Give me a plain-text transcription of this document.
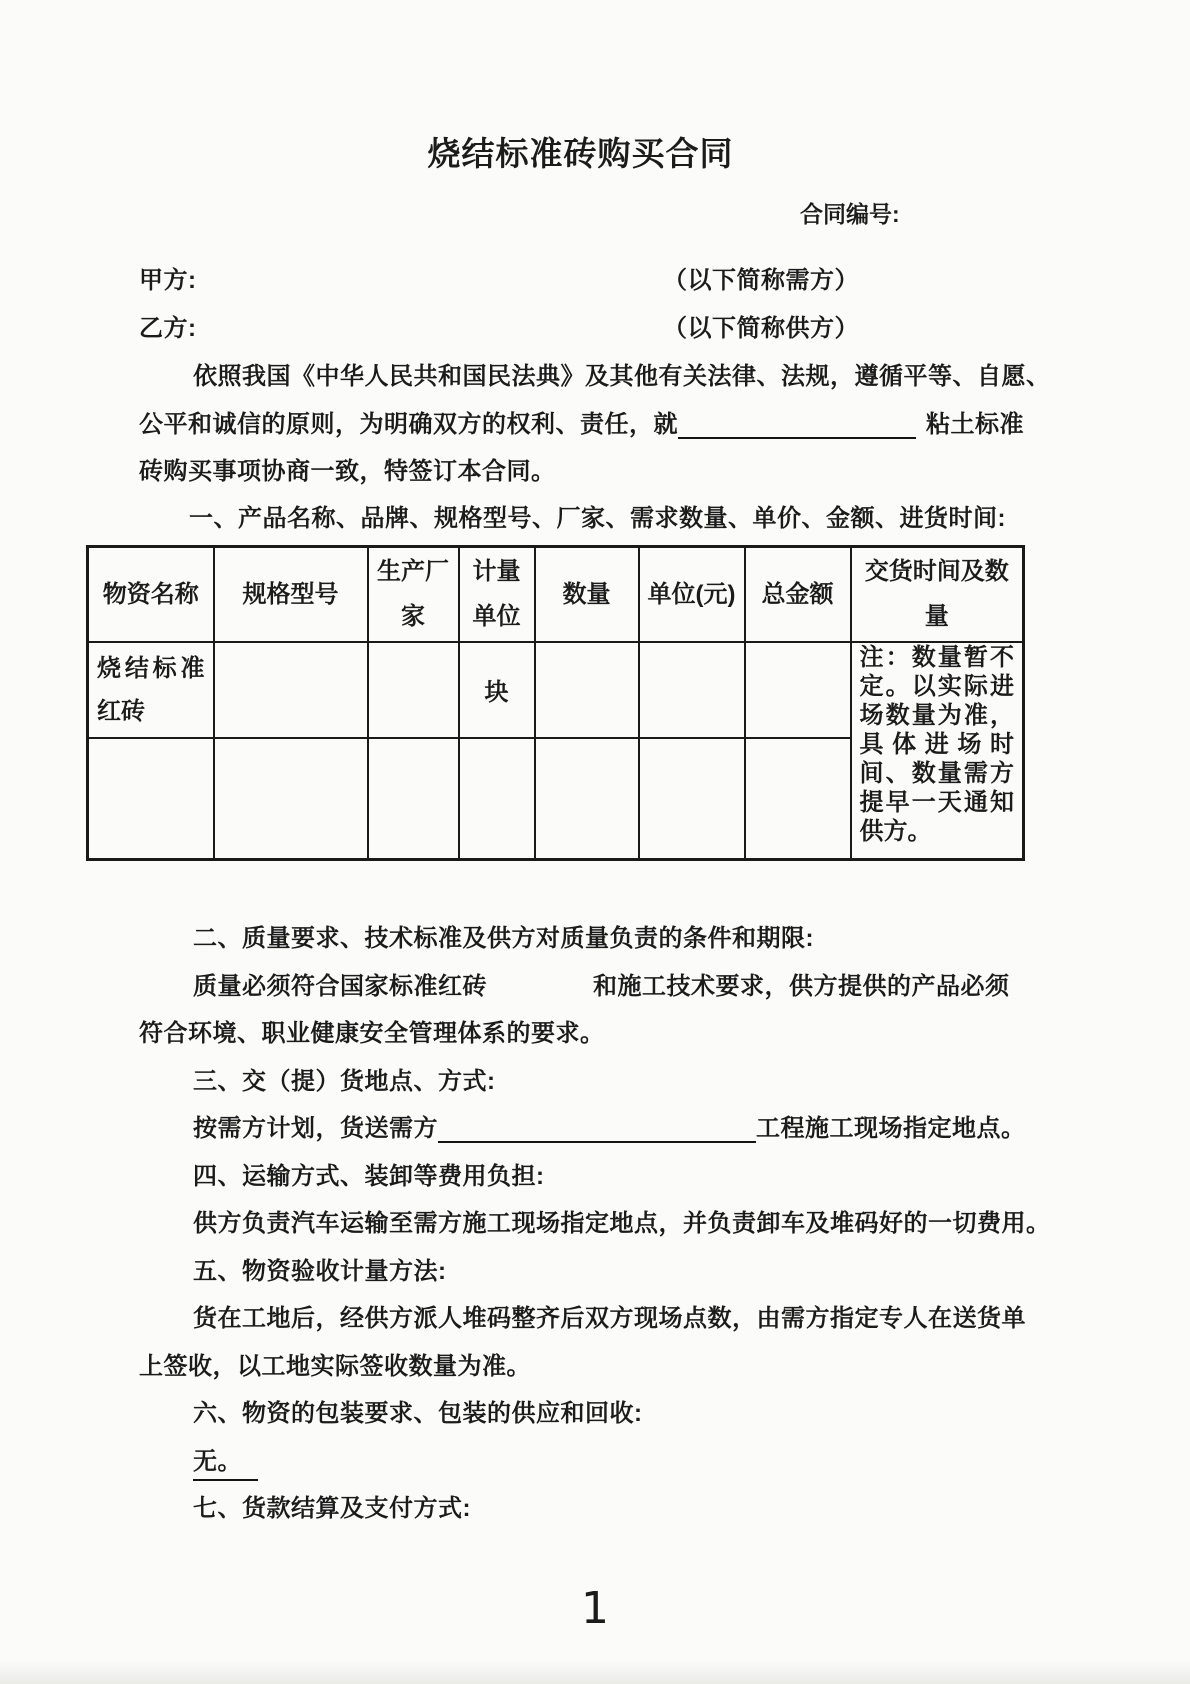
烧结标准砖购买合同
合同编号:
甲方:	（以下简称需方）
乙方:	（以下简称供方）
依照我国《中华人民共和国民法典》及其他有关法律、法规，遵循平等、自愿、
公平和诚信的原则，为明确双方的权利、责任，就	粘土标准
砖购买事项协商一致，特签订本合同。
一、产品名称、品牌、规格型号、厂家、需求数量、单价、金额、进货时间:
物资名称	规格型号	生产厂家	计量单位	数量	单位(元)	总金额	交货时间及数量
烧结标准红砖			块				注：数量暂不定。以实际进场数量为准，具体进场时间、数量需方提早一天通知供方。

二、质量要求、技术标准及供方对质量负责的条件和期限:
质量必须符合国家标准红砖	和施工技术要求，供方提供的产品必须
符合环境、职业健康安全管理体系的要求。
三、交（提）货地点、方式:
按需方计划，货送需方	工程施工现场指定地点。
四、运输方式、装卸等费用负担:
供方负责汽车运输至需方施工现场指定地点，并负责卸车及堆码好的一切费用。
五、物资验收计量方法:
货在工地后，经供方派人堆码整齐后双方现场点数，由需方指定专人在送货单
上签收，以工地实际签收数量为准。
六、物资的包装要求、包装的供应和回收:
无。
七、货款结算及支付方式:
1
